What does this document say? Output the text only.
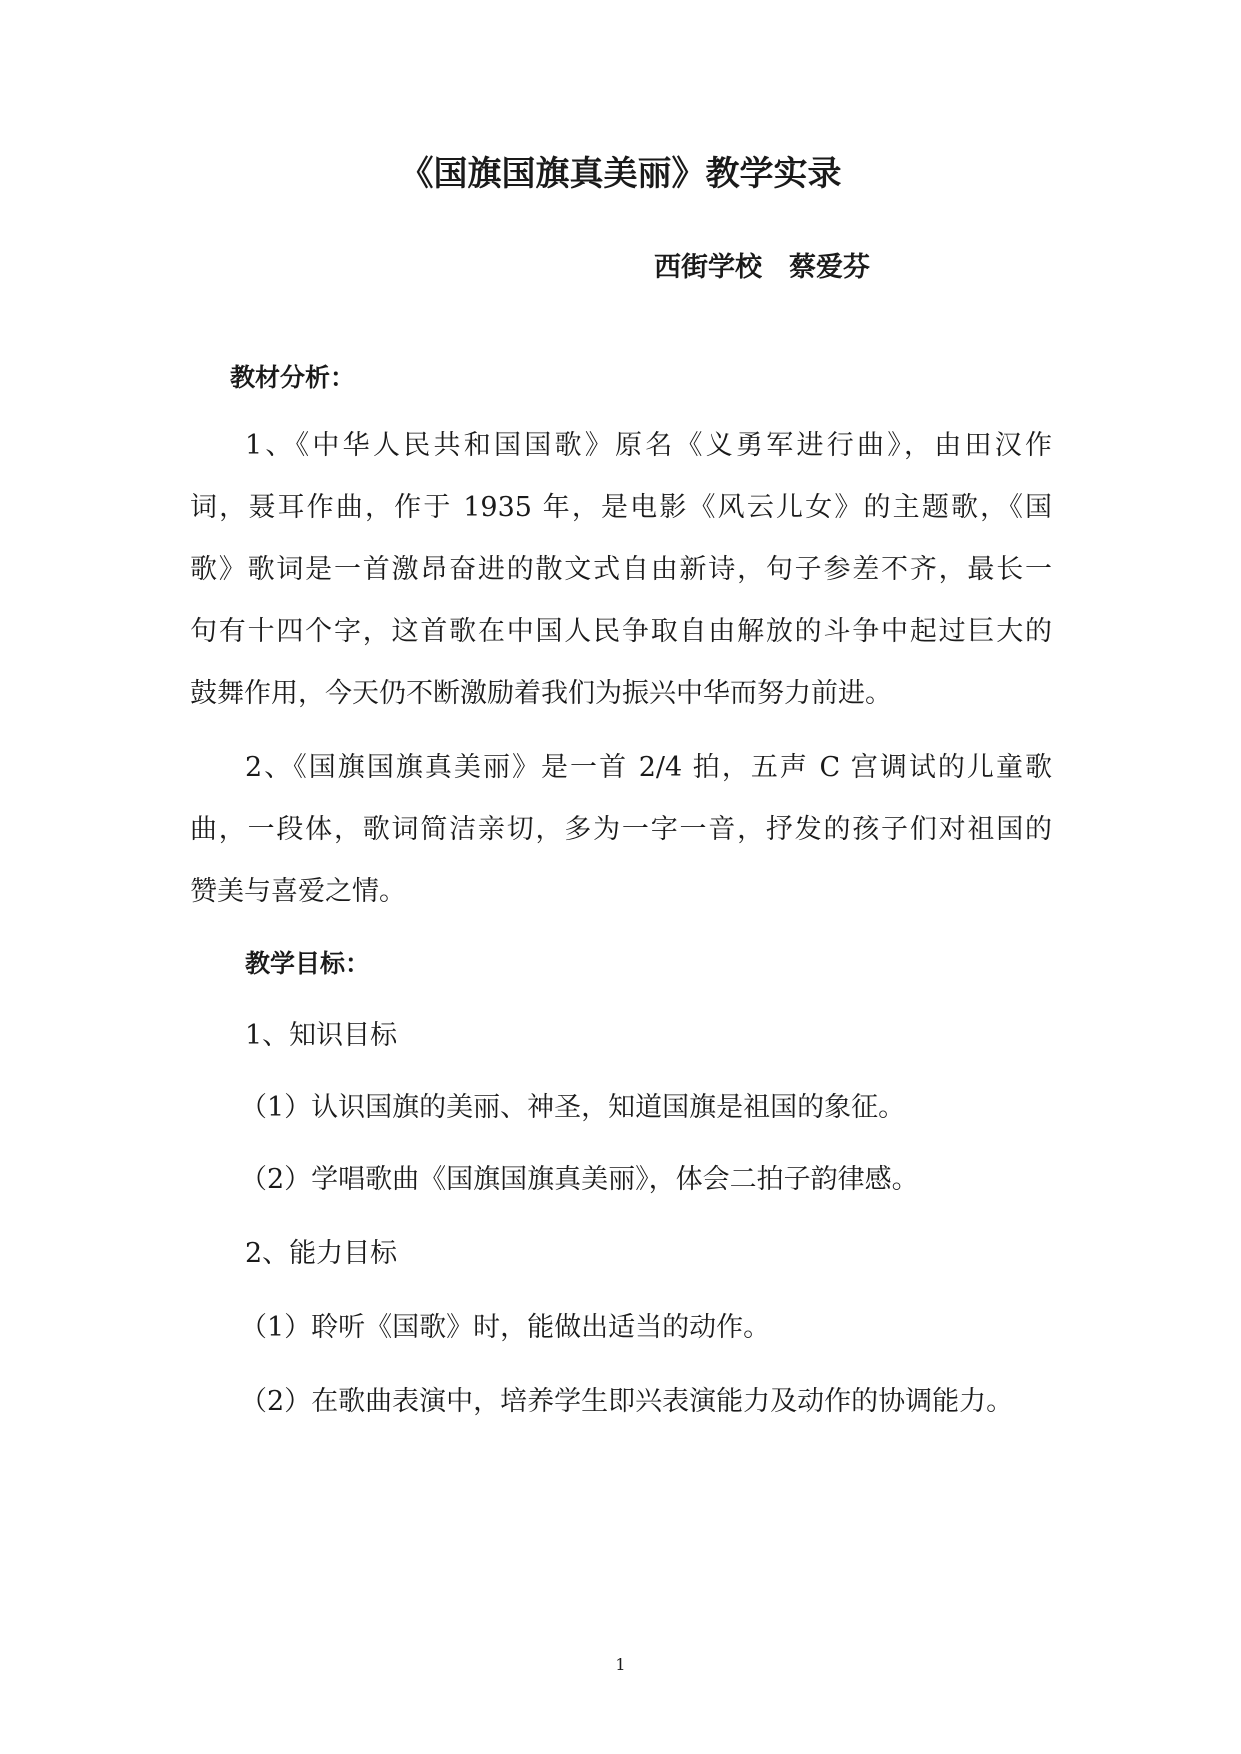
《国旗国旗真美丽》教学实录
西街学校　蔡爱芬
教材分析：
1、《中华人民共和国国歌》原名《义勇军进行曲》，由田汉作
词，聂耳作曲，作于 1935 年，是电影《风云儿女》的主题歌，《国
歌》歌词是一首激昂奋进的散文式自由新诗，句子参差不齐，最长一
句有十四个字，这首歌在中国人民争取自由解放的斗争中起过巨大的
鼓舞作用，今天仍不断激励着我们为振兴中华而努力前进。
2、《国旗国旗真美丽》是一首 2/4 拍，五声 C 宫调试的儿童歌
曲，一段体，歌词简洁亲切，多为一字一音，抒发的孩子们对祖国的
赞美与喜爱之情。
教学目标：
1、知识目标
（1）认识国旗的美丽、神圣，知道国旗是祖国的象征。
（2）学唱歌曲《国旗国旗真美丽》，体会二拍子韵律感。
2、能力目标
（1）聆听《国歌》时，能做出适当的动作。
（2）在歌曲表演中，培养学生即兴表演能力及动作的协调能力。
1
